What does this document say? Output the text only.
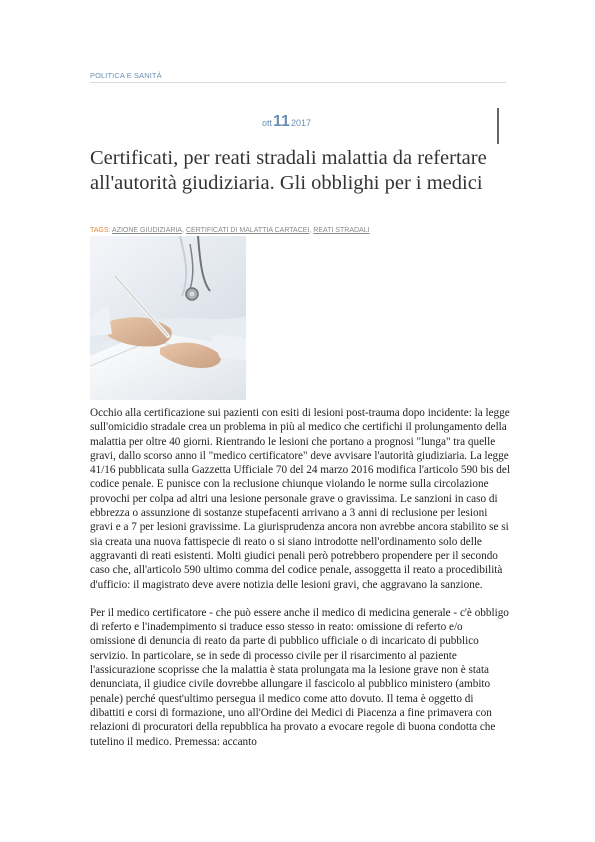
POLITICA E SANITÀ
ott112017
Certificati, per reati stradali malattia da refertare all'autorità giudiziaria. Gli obblighi per i medici
TAGS: AZIONE GIUDIZIARIA, CERTIFICATI DI MALATTIA CARTACEI, REATI STRADALI

Occhio alla certificazione sui pazienti con esiti di lesioni post-trauma dopo incidente: la legge sull'omicidio stradale crea un problema in più al medico che certifichi il prolungamento della malattia per oltre 40 giorni. Rientrando le lesioni che portano a prognosi "lunga" tra quelle gravi, dallo scorso anno il "medico certificatore" deve avvisare l'autorità giudiziaria. La legge 41/16 pubblicata sulla Gazzetta Ufficiale 70 del 24 marzo 2016 modifica l'articolo 590 bis del codice penale. E punisce con la reclusione chiunque violando le norme sulla circolazione provochi per colpa ad altri una lesione personale grave o gravissima. Le sanzioni in caso di ebbrezza o assunzione di sostanze stupefacenti arrivano a 3 anni di reclusione per lesioni gravi e a 7 per lesioni gravissime. La giurisprudenza ancora non avrebbe ancora stabilito se si sia creata una nuova fattispecie di reato o si siano introdotte nell'ordinamento solo delle aggravanti di reati esistenti. Molti giudici penali però potrebbero propendere per il secondo caso che, all'articolo 590 ultimo comma del codice penale, assoggetta il reato a procedibilità d'ufficio: il magistrato deve avere notizia delle lesioni gravi, che aggravano la sanzione.

Per il medico certificatore - che può essere anche il medico di medicina generale - c'è obbligo di referto e l'inadempimento si traduce esso stesso in reato: omissione di referto e/o omissione di denuncia di reato da parte di pubblico ufficiale o di incaricato di pubblico servizio. In particolare, se in sede di processo civile per il risarcimento al paziente l'assicurazione scoprisse che la malattia è stata prolungata ma la lesione grave non è stata denunciata, il giudice civile dovrebbe allungare il fascicolo al pubblico ministero (ambito penale) perché quest'ultimo persegua il medico come atto dovuto. Il tema è oggetto di dibattiti e corsi di formazione, uno all'Ordine dei Medici di Piacenza a fine primavera con relazioni di procuratori della repubblica ha provato a evocare regole di buona condotta che tutelino il medico. Premessa: accanto
